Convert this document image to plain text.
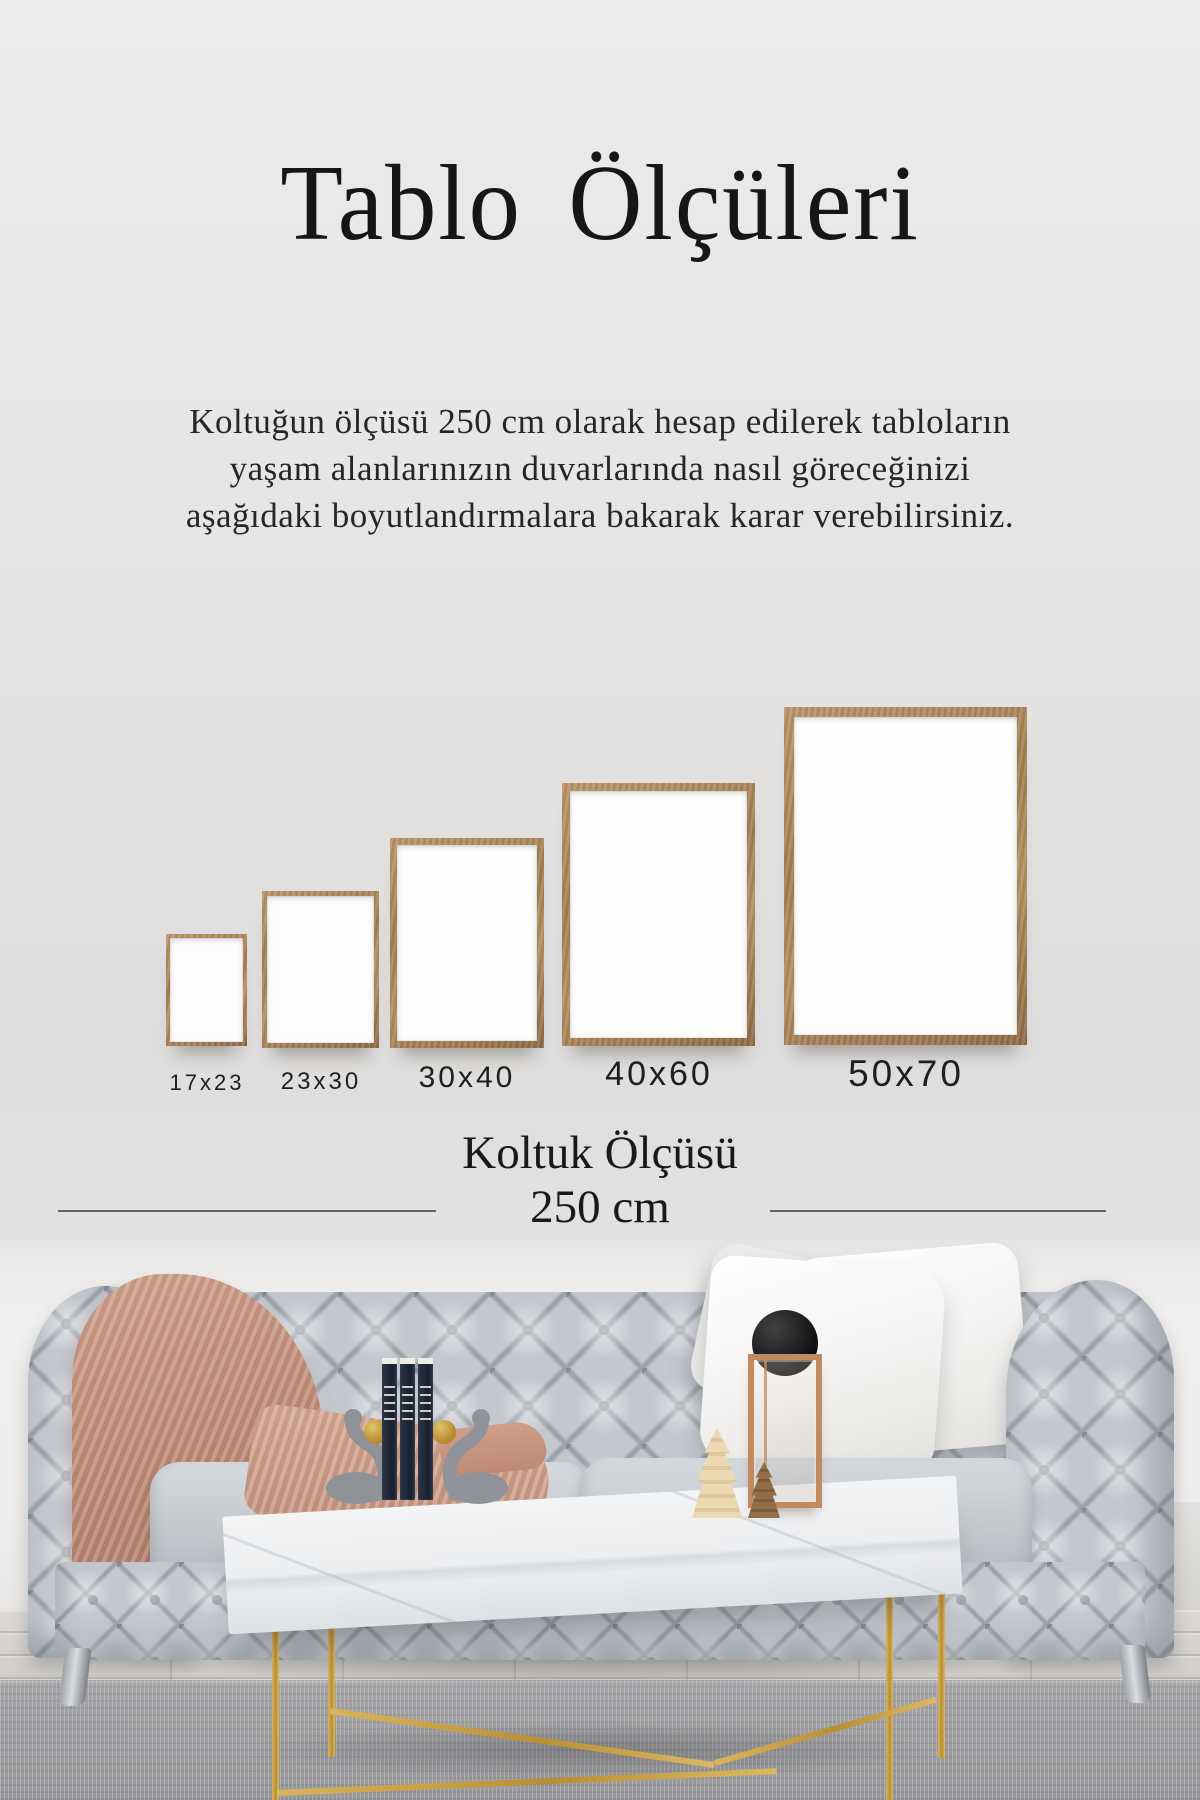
Tablo Ölçüleri
Koltuğun ölçüsü 250 cm olarak hesap edilerek tabloların
yaşam alanlarınızın duvarlarında nasıl göreceğinizi
aşağıdaki boyutlandırmalara bakarak karar verebilirsiniz.
17x23 23x30 30x40	40x60	50x70
Koltuk Ölçüsü
250 cm
